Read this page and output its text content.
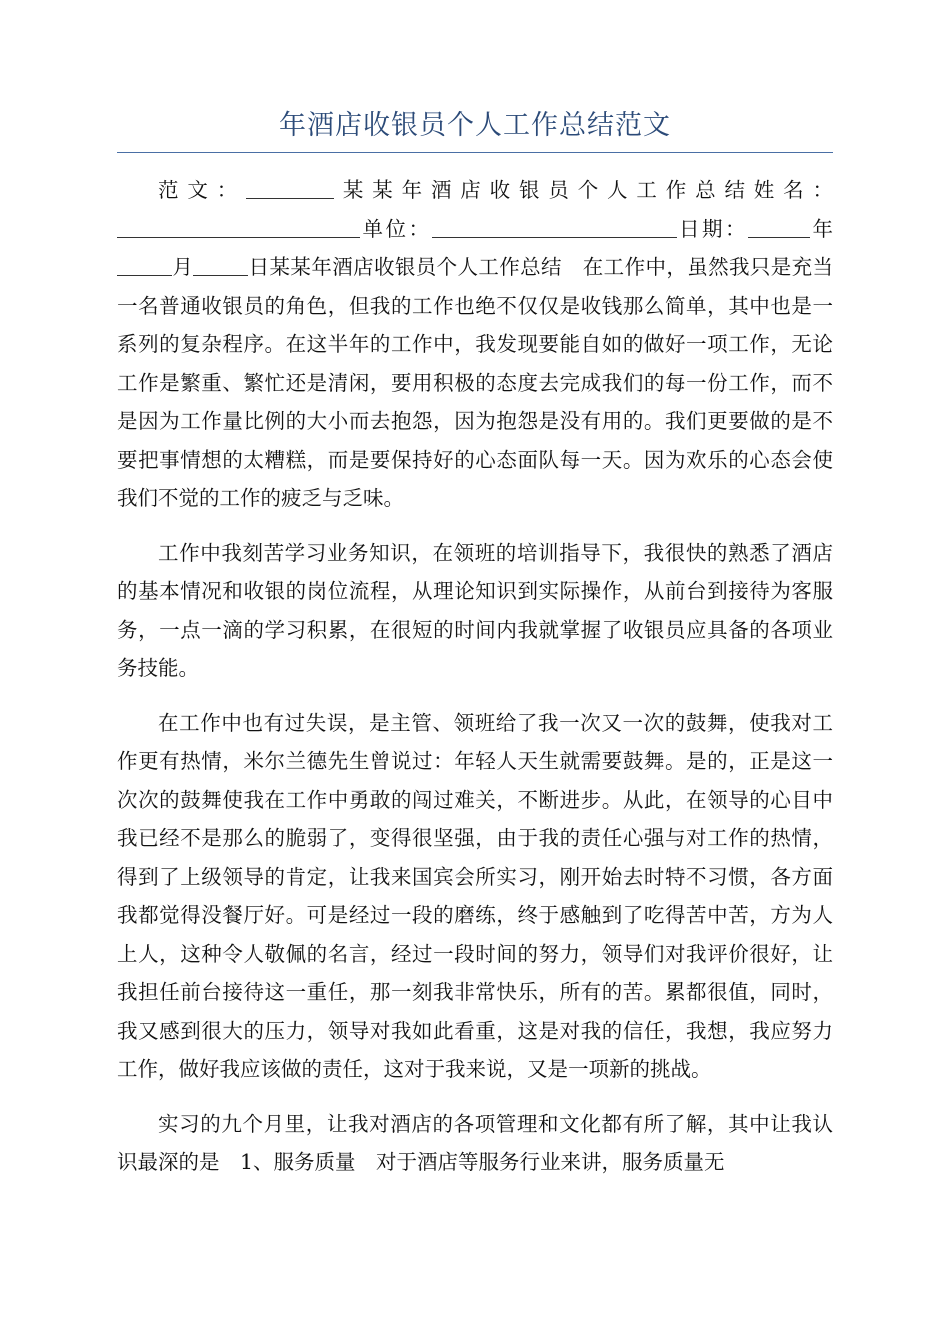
年酒店收银员个人工作总结范文

范文：	某某年酒店收银员个人工作总结姓名：单位：	日期：	年月	日某某年酒店收银员个人工作总结　在工作中，虽然我只是充当一名普通收银员的角色，但我的工作也绝不仅仅是收钱那么简单，其中也是一系列的复杂程序。在这半年的工作中，我发现要能自如的做好一项工作，无论工作是繁重、繁忙还是清闲，要用积极的态度去完成我们的每一份工作，而不是因为工作量比例的大小而去抱怨，因为抱怨是没有用的。我们更要做的是不要把事情想的太糟糕，而是要保持好的心态面队每一天。因为欢乐的心态会使我们不觉的工作的疲乏与乏味。

工作中我刻苦学习业务知识，在领班的培训指导下，我很快的熟悉了酒店的基本情况和收银的岗位流程，从理论知识到实际操作，从前台到接待为客服务，一点一滴的学习积累，在很短的时间内我就掌握了收银员应具备的各项业务技能。

在工作中也有过失误，是主管、领班给了我一次又一次的鼓舞，使我对工作更有热情，米尔兰德先生曾说过：年轻人天生就需要鼓舞。是的，正是这一次次的鼓舞使我在工作中勇敢的闯过难关，不断进步。从此，在领导的心目中我已经不是那么的脆弱了，变得很坚强，由于我的责任心强与对工作的热情，得到了上级领导的肯定，让我来国宾会所实习，刚开始去时特不习惯，各方面我都觉得没餐厅好。可是经过一段的磨练，终于感触到了吃得苦中苦，方为人上人，这种令人敬佩的名言，经过一段时间的努力，领导们对我评价很好，让我担任前台接待这一重任，那一刻我非常快乐，所有的苦。累都很值，同时，我又感到很大的压力，领导对我如此看重，这是对我的信任，我想，我应努力工作，做好我应该做的责任，这对于我来说，又是一项新的挑战。

实习的九个月里，让我对酒店的各项管理和文化都有所了解，其中让我认识最深的是　1、服务质量　对于酒店等服务行业来讲，服务质量无
